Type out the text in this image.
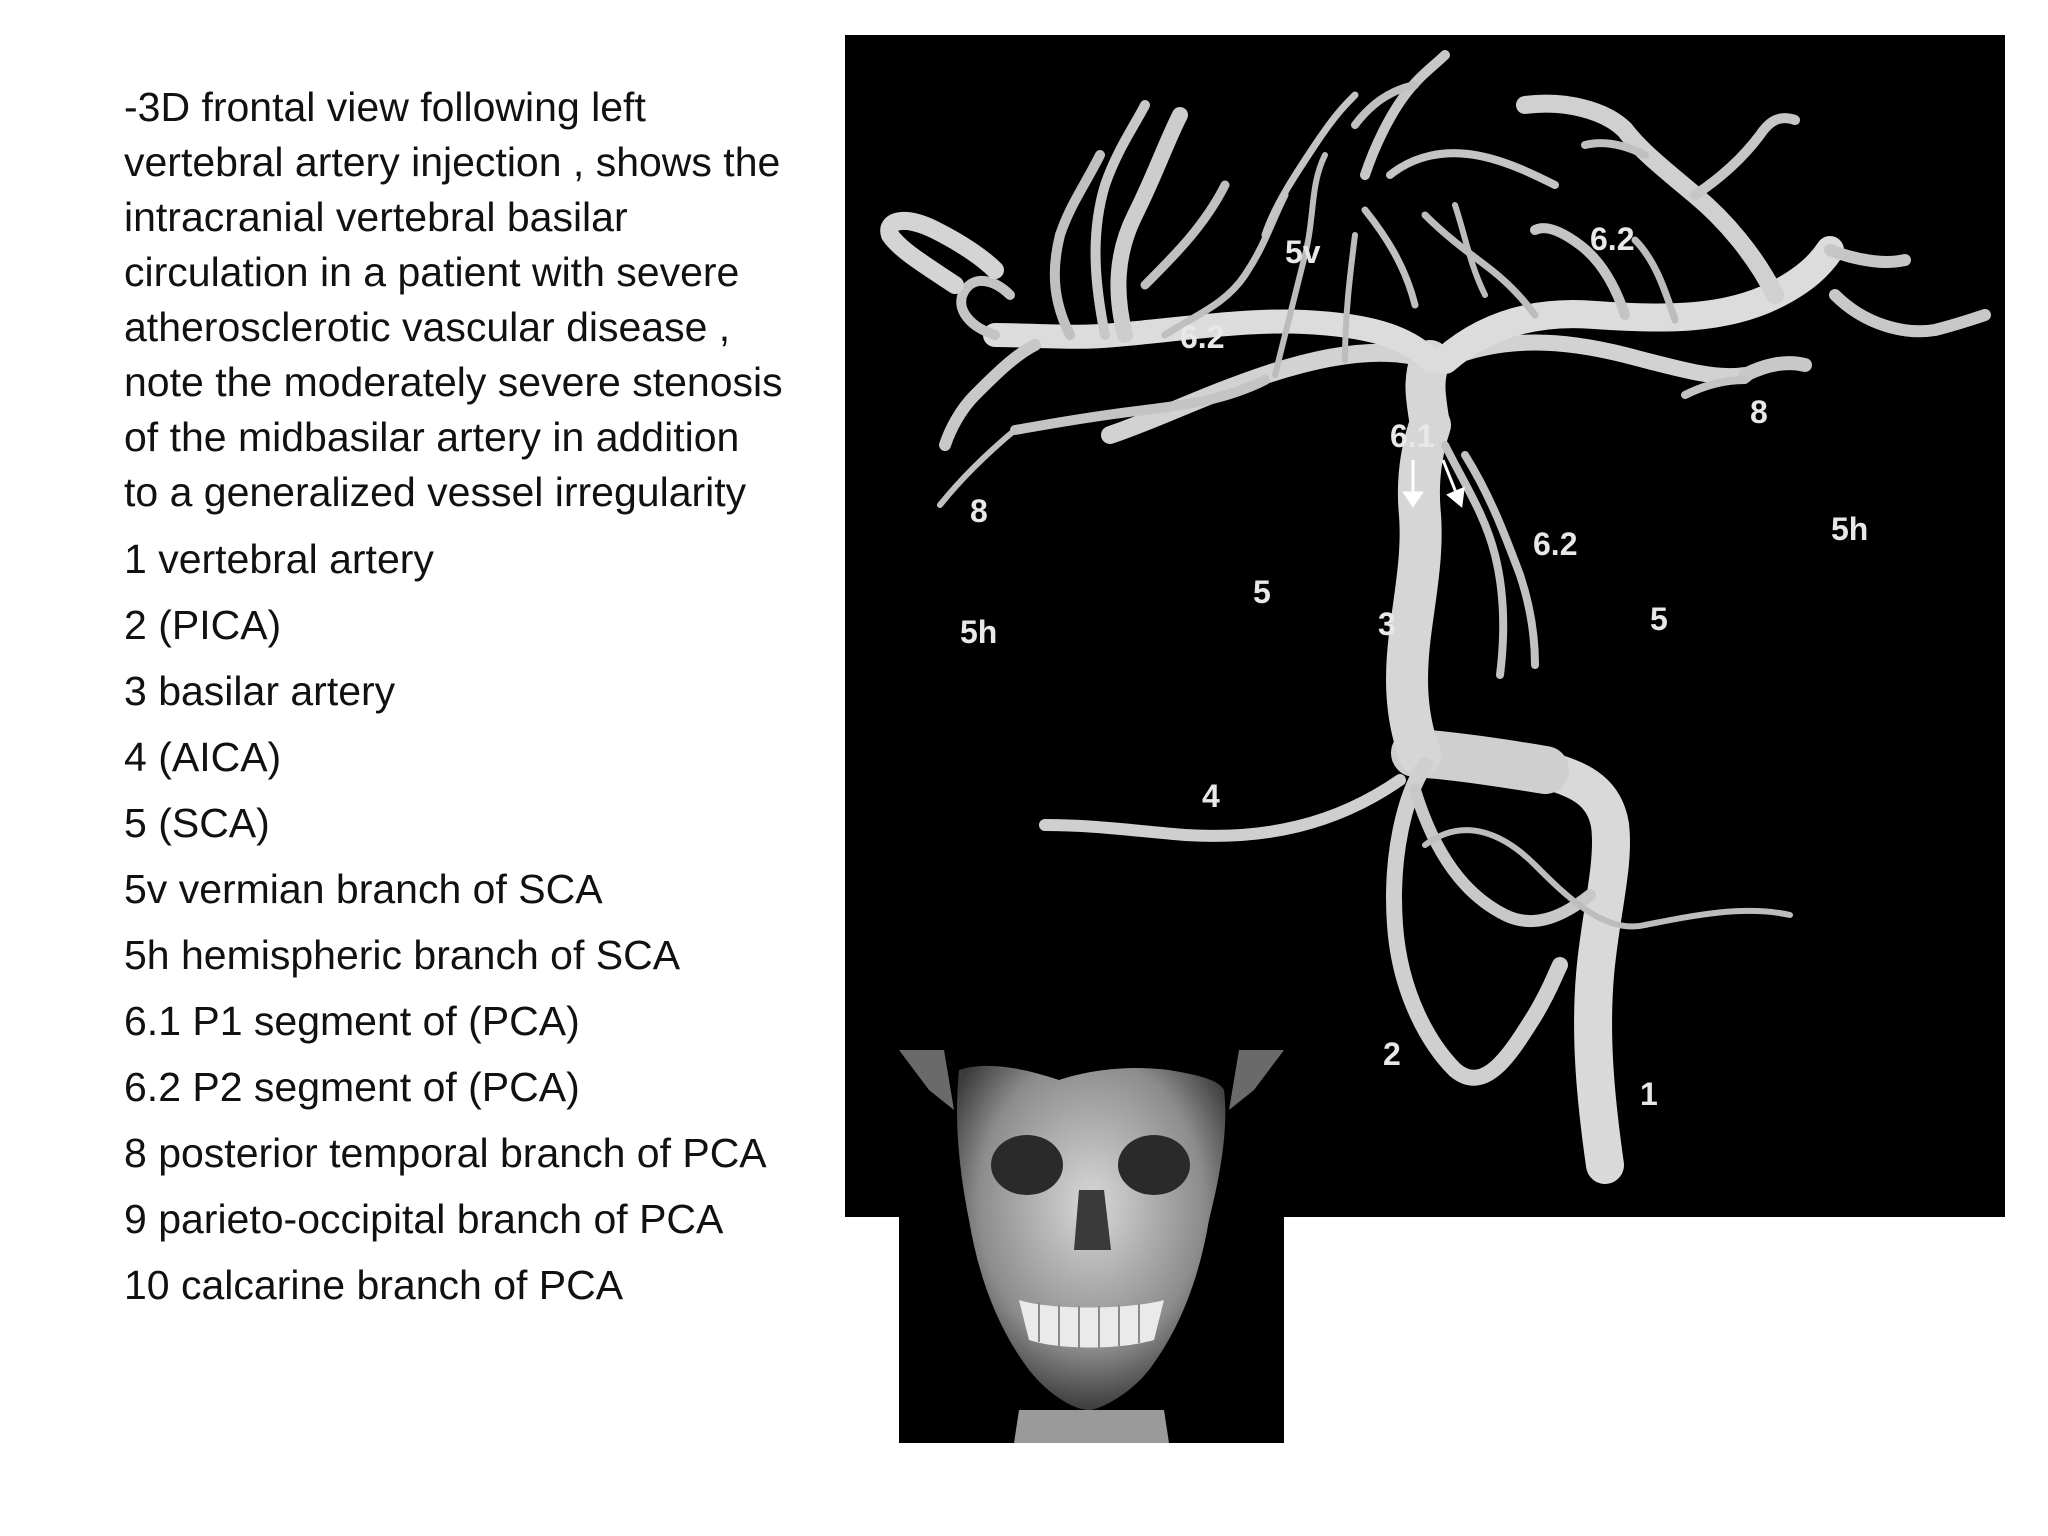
-3D frontal view following left vertebral artery injection , shows the intracranial vertebral basilar circulation in a patient with severe atherosclerotic vascular disease , note the moderately severe stenosis of the midbasilar artery in addition to a generalized vessel irregularity

1 vertebral artery
2 (PICA)
3 basilar artery
4 (AICA)
5 (SCA)
5v vermian branch of SCA
5h hemispheric branch of SCA
6.1 P1 segment of (PCA)
6.2 P2 segment of (PCA)
8 posterior temporal branch of PCA
9 parieto-occipital branch of PCA
10 calcarine branch of PCA
1
2
3
4
5
5
5v
5h
5h
6.1
6.2
6.2
6.2
8
8
